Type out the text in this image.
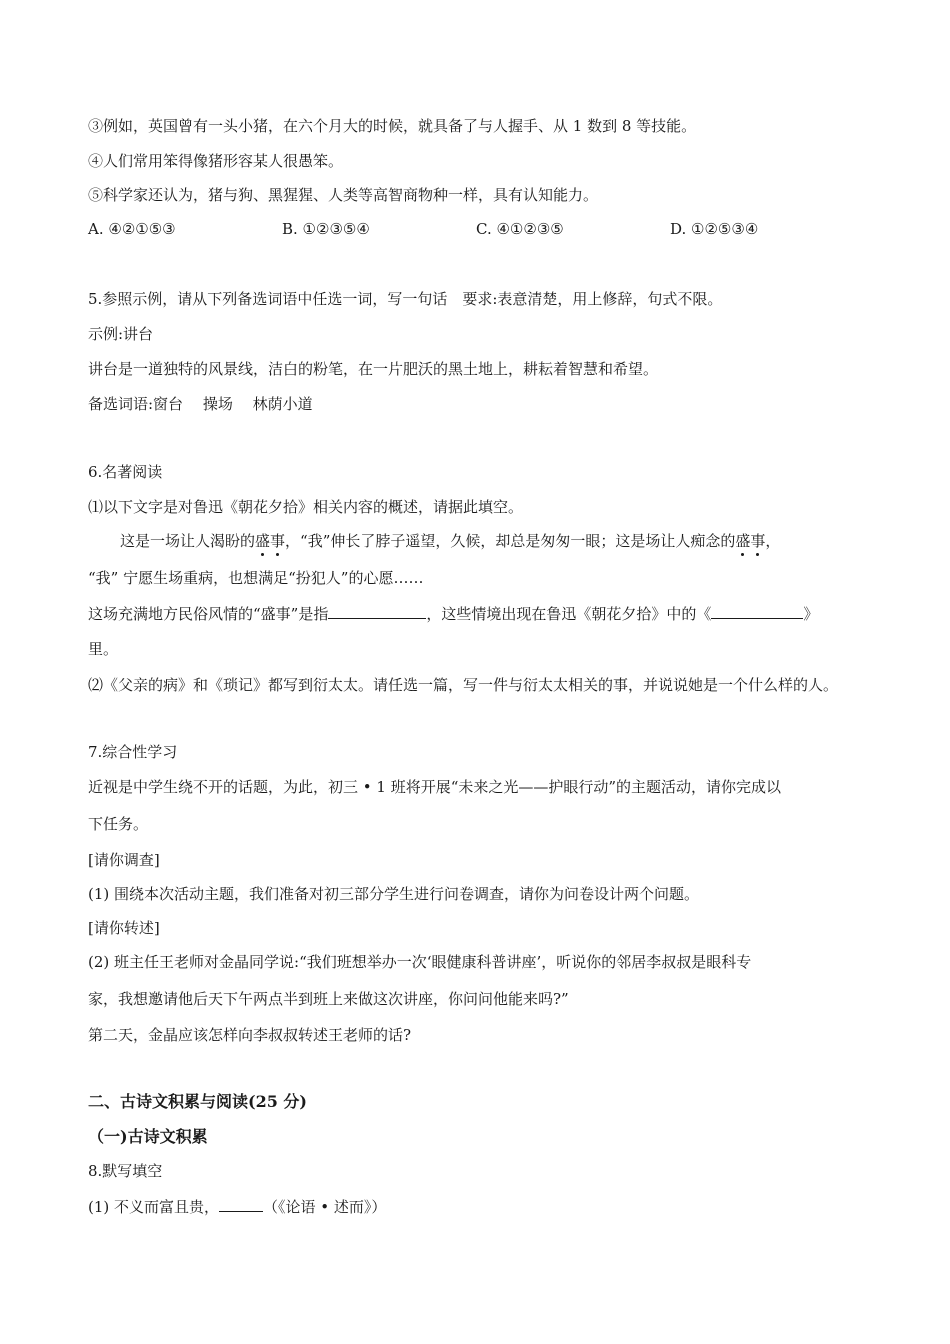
③例如，英国曾有一头小猪，在六个月大的时候，就具备了与人握手、从 1 数到 8 等技能。
④人们常用笨得像猪形容某人很愚笨。
⑤科学家还认为，猪与狗、黑猩猩、人类等高智商物种一样，具有认知能力。
A. ④②①⑤③	B. ①②③⑤④	C. ④①②③⑤	D. ①②⑤③④
5.参照示例，请从下列备选词语中任选一词，写一句话　要求:表意清楚，用上修辞，句式不限。
示例:讲台
讲台是一道独特的风景线，洁白的粉笔，在一片肥沃的黑土地上，耕耘着智慧和希望。
备选词语:窗台　 操场　 林荫小道
6.名著阅读
⑴以下文字是对鲁迅《朝花夕拾》相关内容的概述，请据此填空。
这是一场让人渴盼的盛事，“我”伸长了脖子遥望，久候，却总是匆匆一眼；这是场让人痴念的盛事，
“我” 宁愿生场重病，也想满足“扮犯人”的心愿……
这场充满地方民俗风情的“盛事”是指	，这些情境出现在鲁迅《朝花夕拾》中的《	》
里。
⑵《父亲的病》和《琐记》都写到衍太太。请任选一篇，写一件与衍太太相关的事，并说说她是一个什么样的人。
7.综合性学习
近视是中学生绕不开的话题，为此，初三 • 1 班将开展“未来之光——护眼行动”的主题活动，请你完成以
下任务。
[请你调查]
(1) 围绕本次活动主题，我们准备对初三部分学生进行问卷调查，请你为问卷设计两个问题。
[请你转述]
(2) 班主任王老师对金晶同学说:“我们班想举办一次‘眼健康科普讲座’，听说你的邻居李叔叔是眼科专
家，我想邀请他后天下午两点半到班上来做这次讲座，你问问他能来吗?”
第二天，金晶应该怎样向李叔叔转述王老师的话?
二、古诗文积累与阅读(25 分)
（一)古诗文积累
8.默写填空
(1) 不义而富且贵，	（《论语 • 述而》）
